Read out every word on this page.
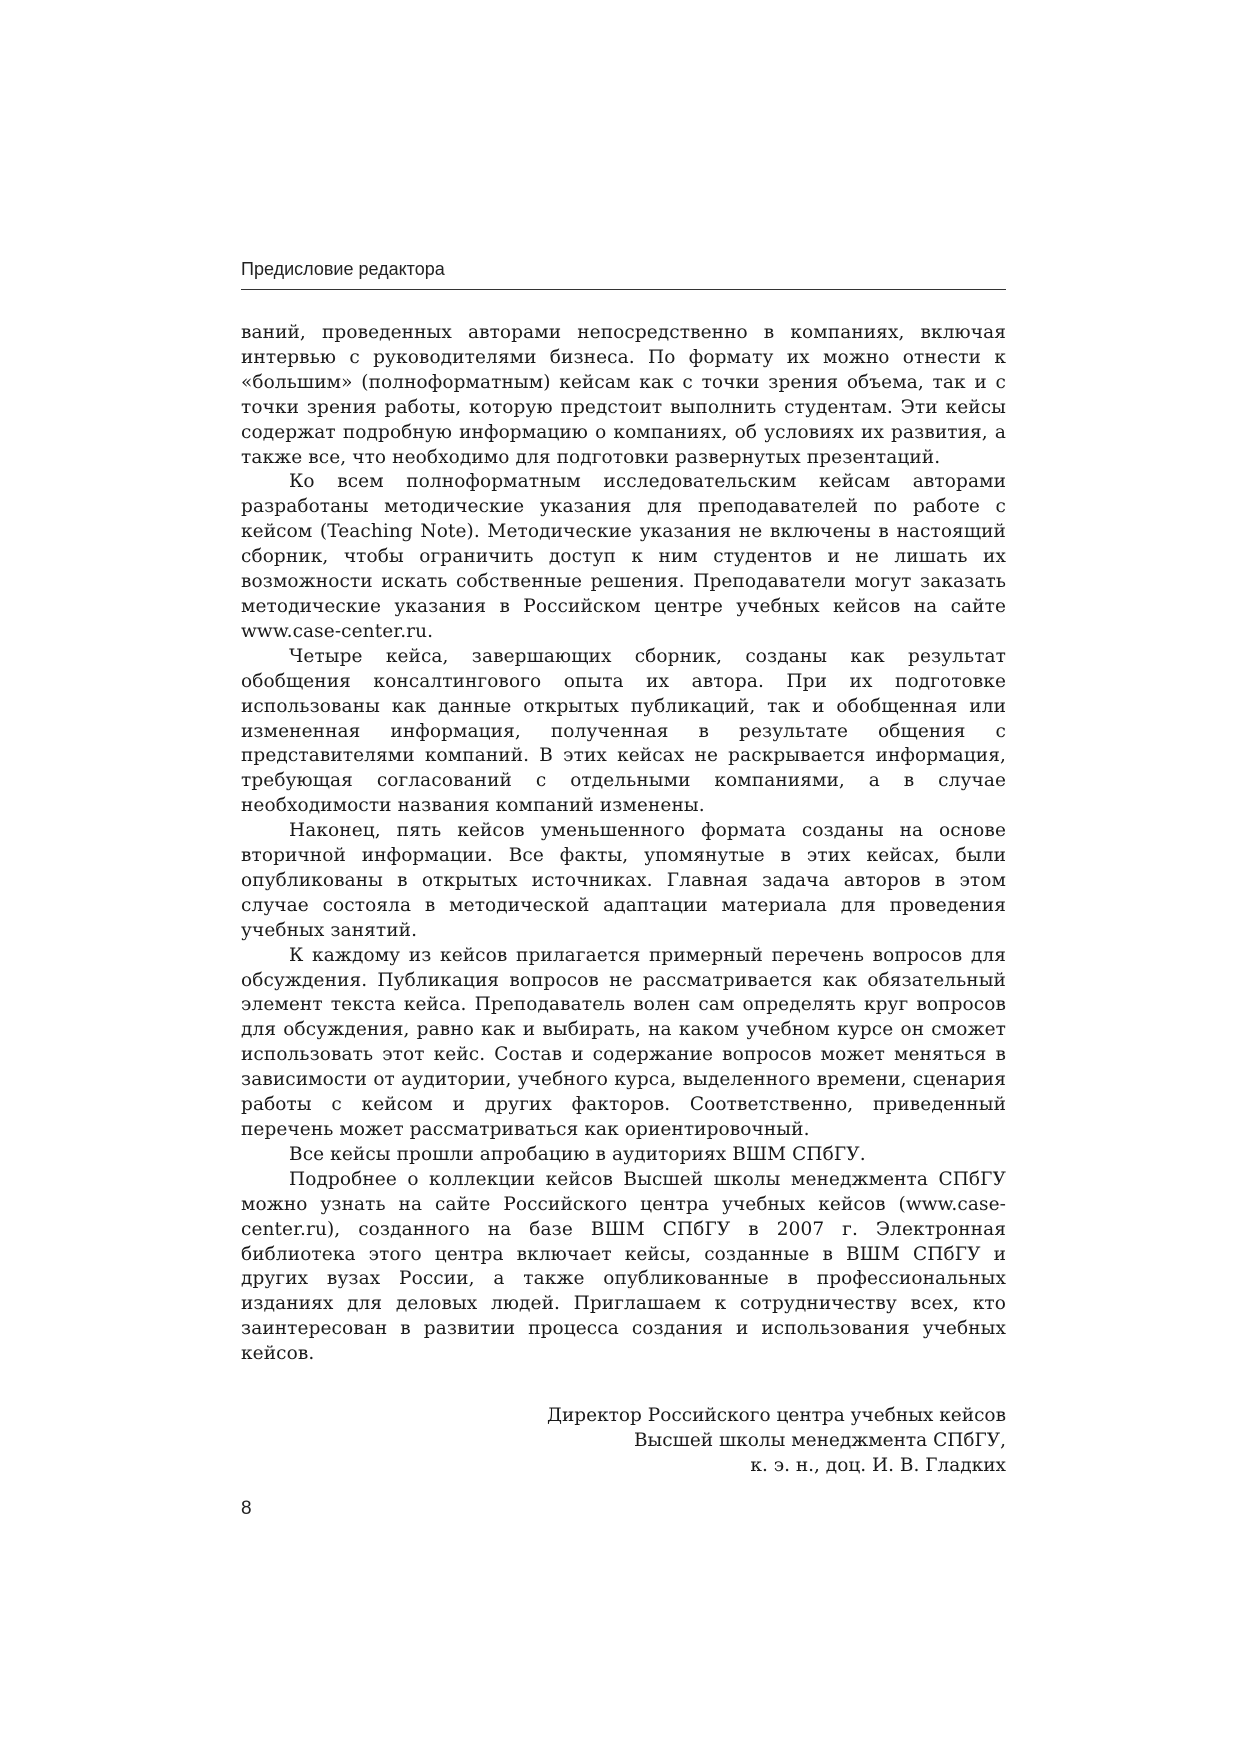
Предисловие редактора

ваний, проведенных авторами непосредственно в компаниях, включая интервью с руководителями бизнеса. По формату их можно отнести к «большим» (полноформатным) кейсам как с точки зрения объема, так и с точки зрения работы, которую предстоит выполнить студентам. Эти кейсы содержат подробную информацию о компаниях, об условиях их развития, а также все, что необходимо для подготовки развернутых презентаций.

Ко всем полноформатным исследовательским кейсам авторами разработаны методические указания для преподавателей по работе с кейсом (Teaching Note). Методические указания не включены в настоящий сборник, чтобы ограничить доступ к ним студентов и не лишать их возможности искать собственные решения. Преподаватели могут заказать методические указания в Российском центре учебных кейсов на сайте www.case-center.ru.

Четыре кейса, завершающих сборник, созданы как результат обобщения консалтингового опыта их автора. При их подготовке использованы как данные открытых публикаций, так и обобщенная или измененная информация, полученная в результате общения с представителями компаний. В этих кейсах не раскрывается информация, требующая согласований с отдельными компаниями, а в случае необходимости названия компаний изменены.

Наконец, пять кейсов уменьшенного формата созданы на основе вторичной информации. Все факты, упомянутые в этих кейсах, были опубликованы в открытых источниках. Главная задача авторов в этом случае состояла в методической адаптации материала для проведения учебных занятий.

К каждому из кейсов прилагается примерный перечень вопросов для обсуждения. Публикация вопросов не рассматривается как обязательный элемент текста кейса. Преподаватель волен сам определять круг вопросов для обсуждения, равно как и выбирать, на каком учебном курсе он сможет использовать этот кейс. Состав и содержание вопросов может меняться в зависимости от аудитории, учебного курса, выделенного времени, сценария работы с кейсом и других факторов. Соответственно, приведенный перечень может рассматриваться как ориентировочный.

Все кейсы прошли апробацию в аудиториях ВШМ СПбГУ.

Подробнее о коллекции кейсов Высшей школы менеджмента СПбГУ можно узнать на сайте Российского центра учебных кейсов (www.case-center.ru), созданного на базе ВШМ СПбГУ в 2007 г. Электронная библиотека этого центра включает кейсы, созданные в ВШМ СПбГУ и других вузах России, а также опубликованные в профессиональных изданиях для деловых людей. Приглашаем к сотрудничеству всех, кто заинтересован в развитии процесса создания и использования учебных кейсов.

Директор Российского центра учебных кейсов
Высшей школы менеджмента СПбГУ,
к. э. н., доц. И. В. Гладких
8
